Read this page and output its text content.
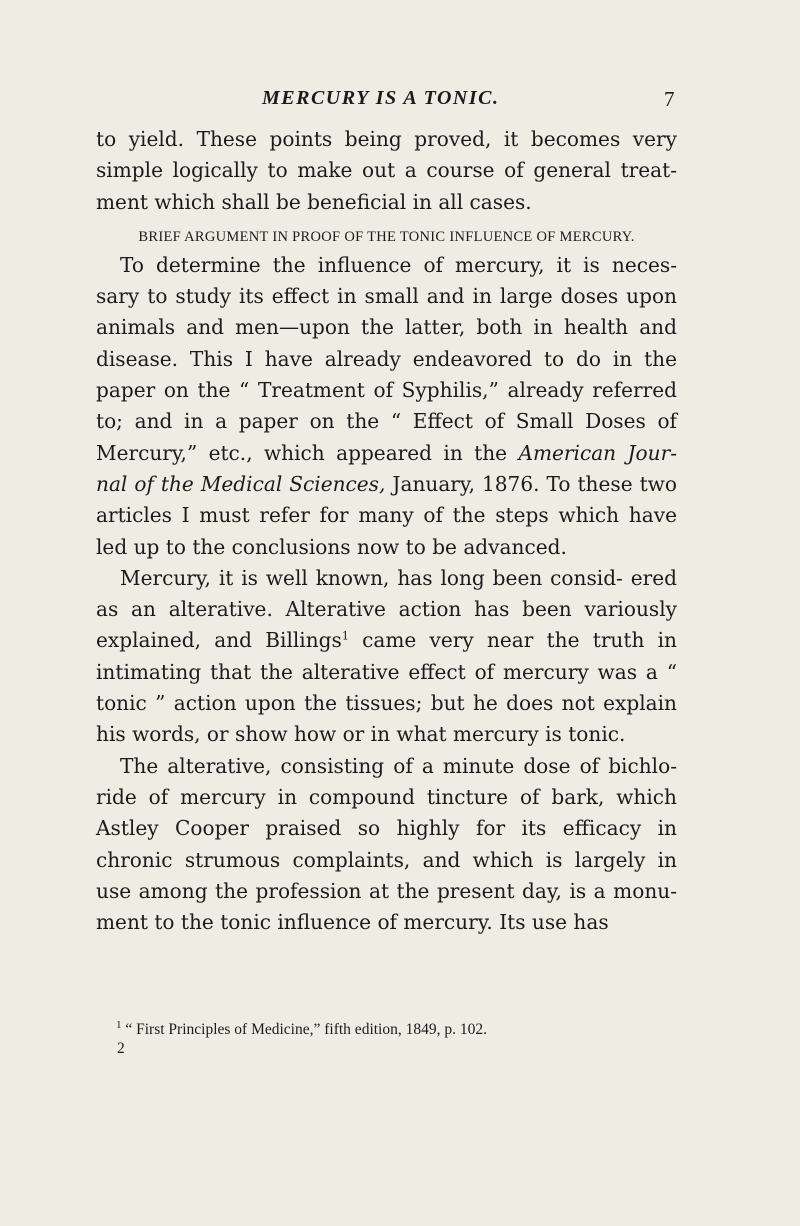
MERCURY IS A TONIC.	7

to yield. These points being proved, it becomes very simple logically to make out a course of general treat- ment which shall be beneficial in all cases.

BRIEF ARGUMENT IN PROOF OF THE TONIC INFLUENCE OF MERCURY.

To determine the influence of mercury, it is neces- sary to study its effect in small and in large doses upon animals and men—upon the latter, both in health and disease. This I have already endeavored to do in the paper on the “ Treatment of Syphilis,” already referred to; and in a paper on the “ Effect of Small Doses of Mercury,” etc., which appeared in the American Jour- nal of the Medical Sciences, January, 1876. To these two articles I must refer for many of the steps which have led up to the conclusions now to be advanced.

Mercury, it is well known, has long been consid- ered as an alterative. Alterative action has been variously explained, and Billings$^1$ came very near the truth in intimating that the alterative effect of mercury was a “ tonic ” action upon the tissues; but he does not explain his words, or show how or in what mercury is tonic.

The alterative, consisting of a minute dose of bichlo- ride of mercury in compound tincture of bark, which Astley Cooper praised so highly for its efficacy in chronic strumous complaints, and which is largely in use among the profession at the present day, is a monu- ment to the tonic influence of mercury. Its use has

$^1$ “ First Principles of Medicine,” fifth edition, 1849, p. 102.
2
